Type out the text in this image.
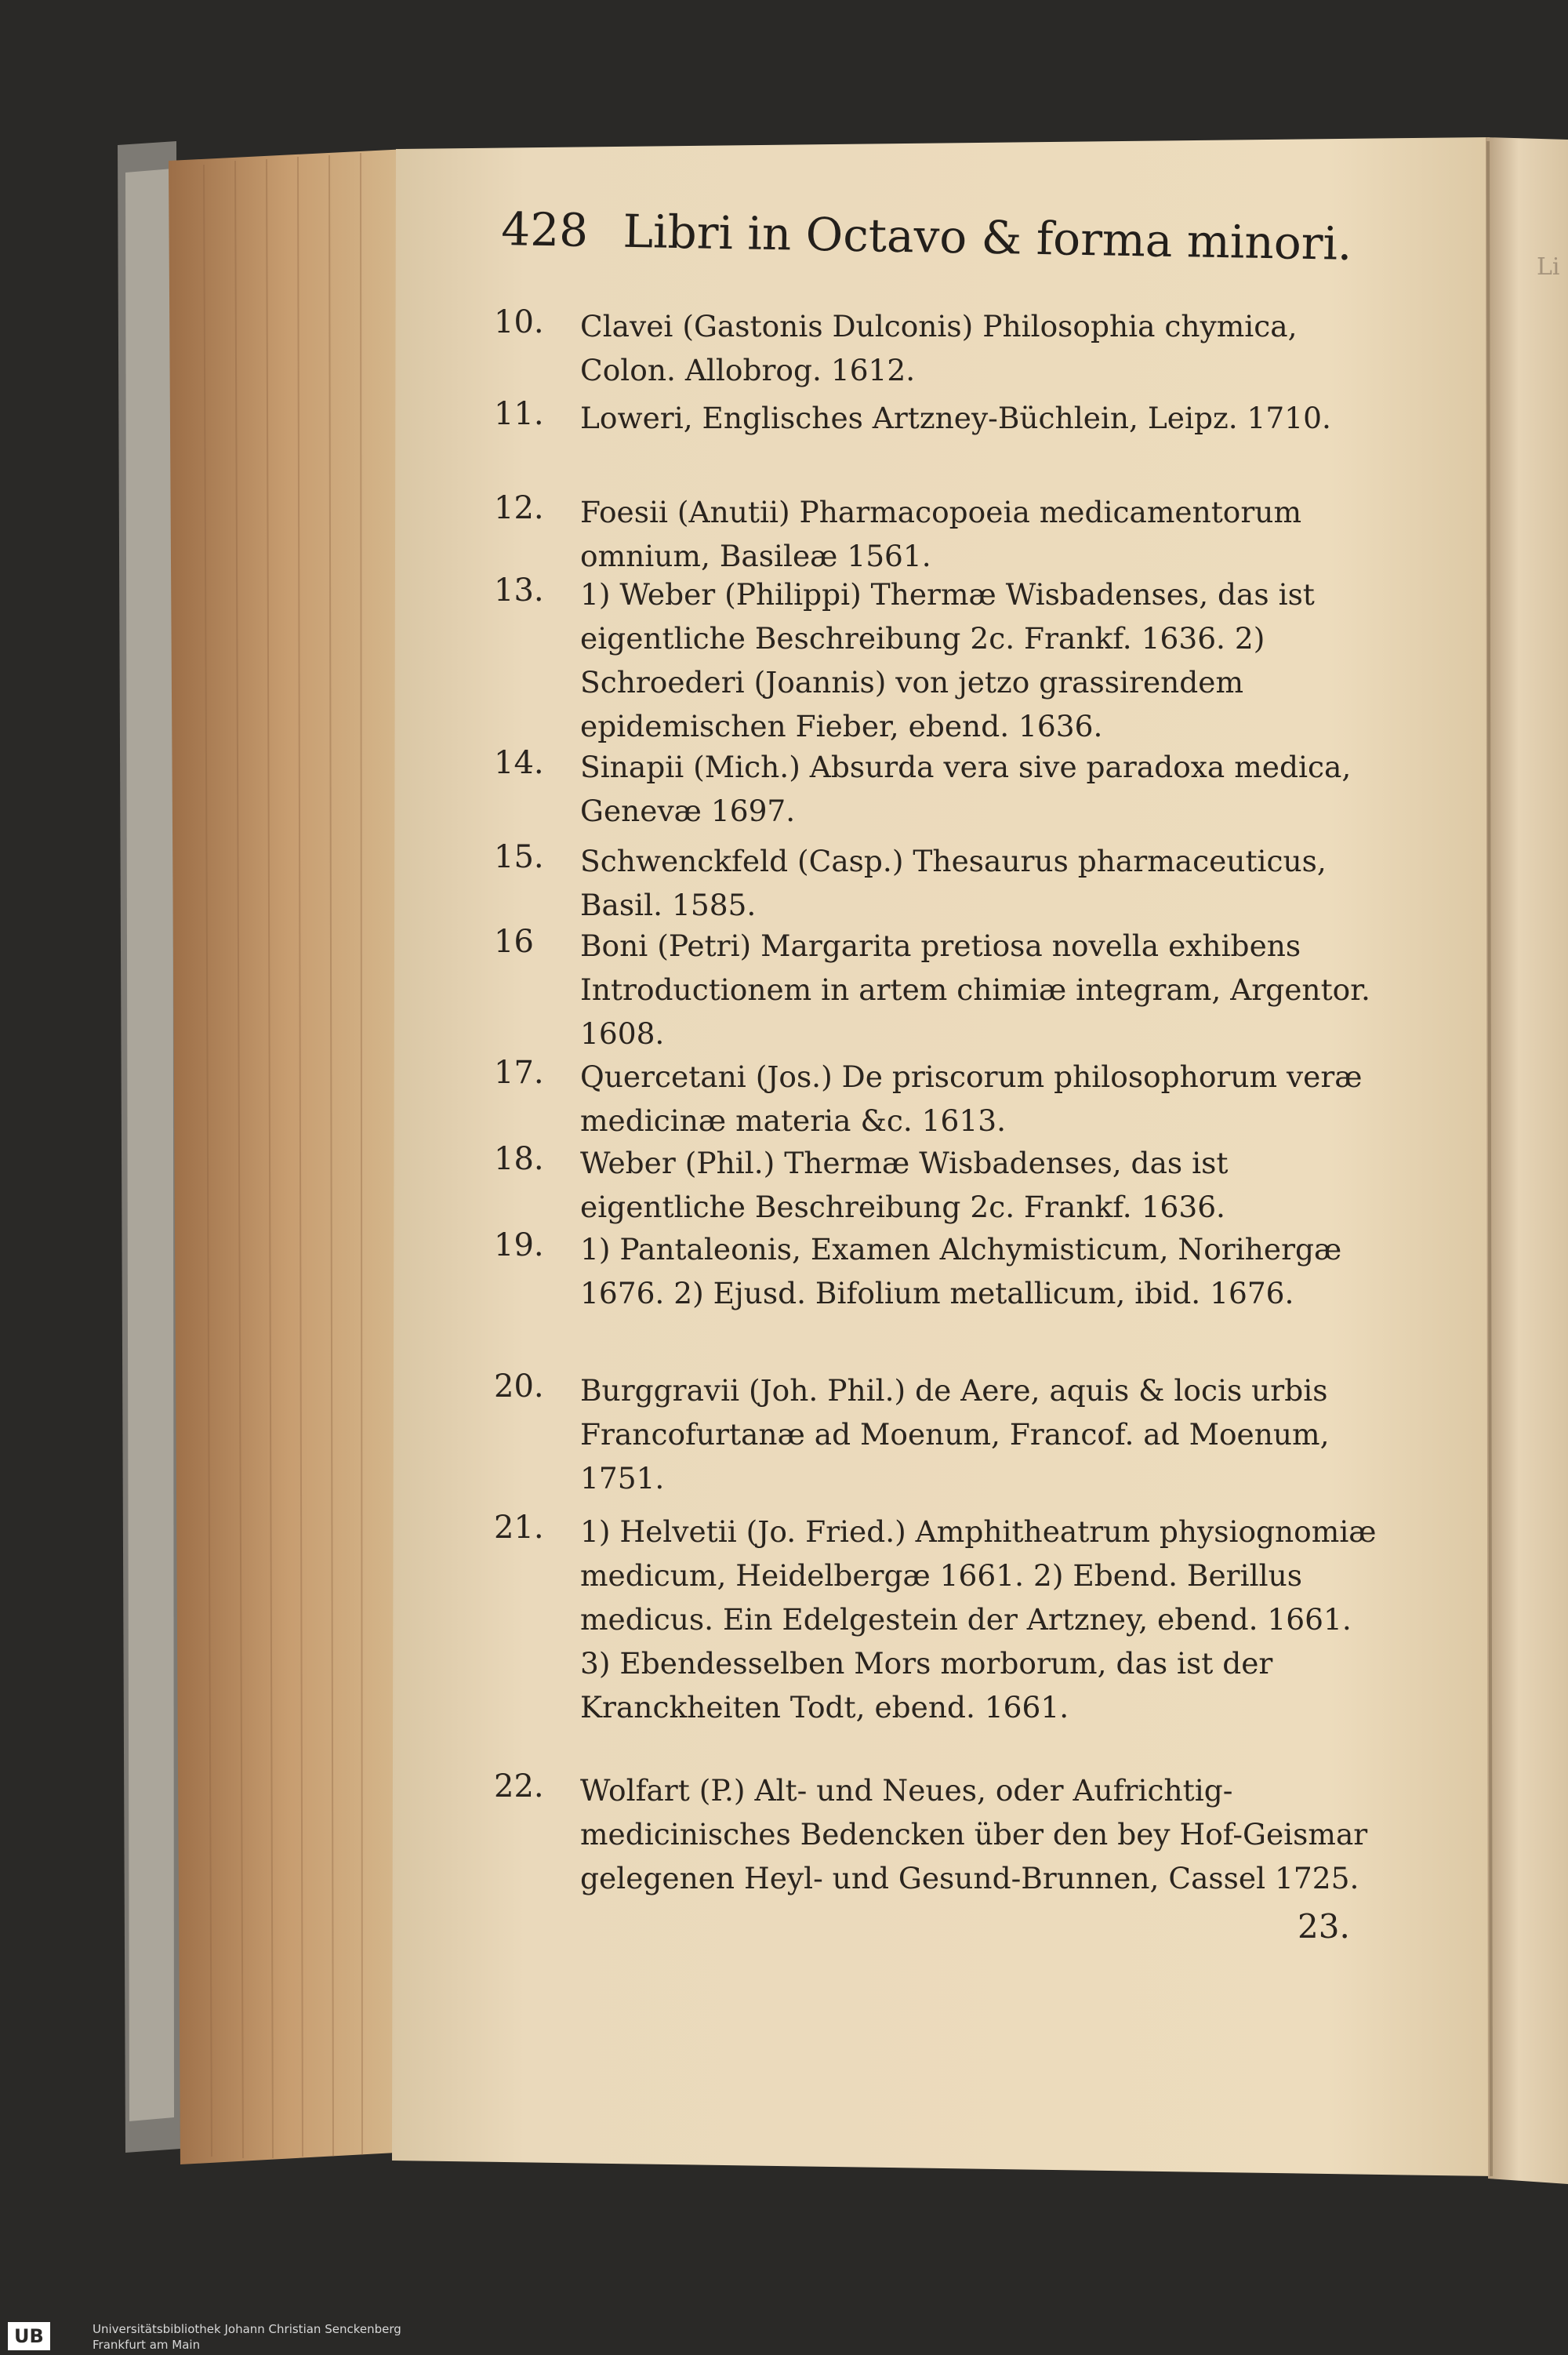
Li
428 Libri in Octavo & forma minori.
10.	Clavei (Gastonis Dulconis) Philosophia chymica, Colon. Allobrog. 1612.
11.	Loweri, Englisches Artzney-Büchlein, Leipz. 1710.
12.	Foesii (Anutii) Pharmacopoeia medicamentorum omnium, Basileæ 1561.
13.	1) Weber (Philippi) Thermæ Wisbadenses, das ist eigentliche Beschreibung 2c. Frankf. 1636. 2) Schroederi (Joannis) von jetzo grassirendem epidemischen Fieber, ebend. 1636.
14.	Sinapii (Mich.) Absurda vera sive paradoxa medica, Genevæ 1697.
15.	Schwenckfeld (Casp.) Thesaurus pharmaceuticus, Basil. 1585.
16	Boni (Petri) Margarita pretiosa novella exhibens Introductionem in artem chimiæ integram, Argentor. 1608.
17.	Quercetani (Jos.) De priscorum philosophorum veræ medicinæ materia &c. 1613.
18.	Weber (Phil.) Thermæ Wisbadenses, das ist eigentliche Beschreibung 2c. Frankf. 1636.
19.	1) Pantaleonis, Examen Alchymisticum, Norihergæ 1676. 2) Ejusd. Bifolium metallicum, ibid. 1676.
20.	Burggravii (Joh. Phil.) de Aere, aquis & locis urbis Francofurtanæ ad Moenum, Francof. ad Moenum, 1751.
21.	1) Helvetii (Jo. Fried.) Amphitheatrum physiognomiæ medicum, Heidelbergæ 1661. 2) Ebend. Berillus medicus. Ein Edelgestein der Artzney, ebend. 1661. 3) Ebendesselben Mors morborum, das ist der Kranckheiten Todt, ebend. 1661.
22.	Wolfart (P.) Alt- und Neues, oder Aufrichtig-medicinisches Bedencken über den bey Hof-Geismar gelegenen Heyl- und Gesund-Brunnen, Cassel 1725.
23.
UB	Universitätsbibliothek Johann Christian Senckenberg
Frankfurt am Main
